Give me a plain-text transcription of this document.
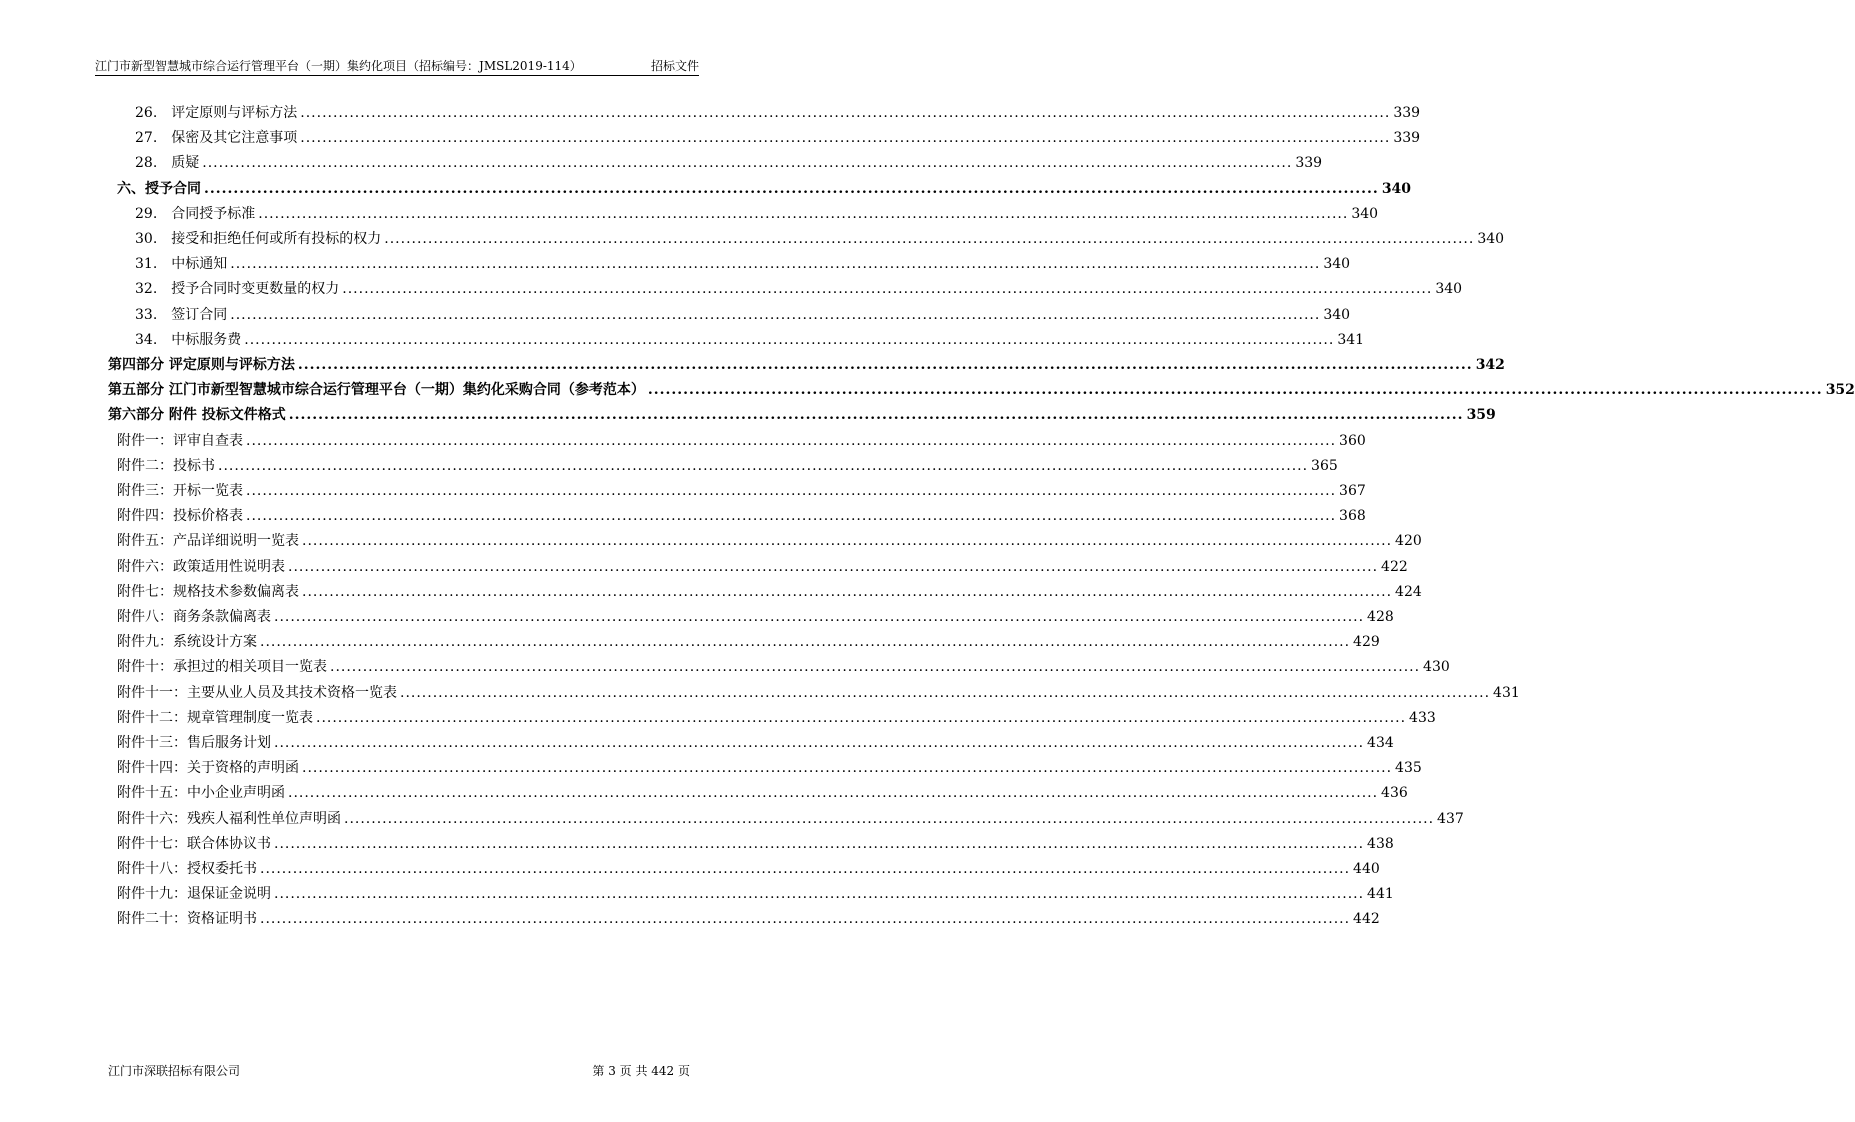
江门市新型智慧城市综合运行管理平台（一期）集约化项目（招标编号：JMSL2019-114）	招标文件
26. 评定原则与评标方法 ........................................................................................................................................................................................................ 339
27. 保密及其它注意事项 ........................................................................................................................................................................................................ 339
28. 质疑 ........................................................................................................................................................................................................ 339
六、授予合同 ........................................................................................................................................................................................................ 340
29. 合同授予标准 ........................................................................................................................................................................................................ 340
30. 接受和拒绝任何或所有投标的权力 ........................................................................................................................................................................................................ 340
31. 中标通知 ........................................................................................................................................................................................................ 340
32. 授予合同时变更数量的权力 ........................................................................................................................................................................................................ 340
33. 签订合同 ........................................................................................................................................................................................................ 340
34. 中标服务费 ........................................................................................................................................................................................................ 341
第四部分 评定原则与评标方法 ........................................................................................................................................................................................................ 342
第五部分 江门市新型智慧城市综合运行管理平台（一期）集约化采购合同（参考范本） ........................................................................................................................................................................................................ 352
第六部分 附件 投标文件格式 ........................................................................................................................................................................................................ 359
附件一：评审自查表 ........................................................................................................................................................................................................ 360
附件二：投标书 ........................................................................................................................................................................................................ 365
附件三：开标一览表 ........................................................................................................................................................................................................ 367
附件四：投标价格表 ........................................................................................................................................................................................................ 368
附件五：产品详细说明一览表 ........................................................................................................................................................................................................ 420
附件六：政策适用性说明表 ........................................................................................................................................................................................................ 422
附件七：规格技术参数偏离表 ........................................................................................................................................................................................................ 424
附件八：商务条款偏离表 ........................................................................................................................................................................................................ 428
附件九：系统设计方案 ........................................................................................................................................................................................................ 429
附件十：承担过的相关项目一览表 ........................................................................................................................................................................................................ 430
附件十一：主要从业人员及其技术资格一览表 ........................................................................................................................................................................................................ 431
附件十二：规章管理制度一览表 ........................................................................................................................................................................................................ 433
附件十三：售后服务计划 ........................................................................................................................................................................................................ 434
附件十四：关于资格的声明函 ........................................................................................................................................................................................................ 435
附件十五：中小企业声明函 ........................................................................................................................................................................................................ 436
附件十六：残疾人福利性单位声明函 ........................................................................................................................................................................................................ 437
附件十七：联合体协议书 ........................................................................................................................................................................................................ 438
附件十八：授权委托书 ........................................................................................................................................................................................................ 440
附件十九：退保证金说明 ........................................................................................................................................................................................................ 441
附件二十：资格证明书 ........................................................................................................................................................................................................ 442
江门市深联招标有限公司	第 3 页 共 442 页
